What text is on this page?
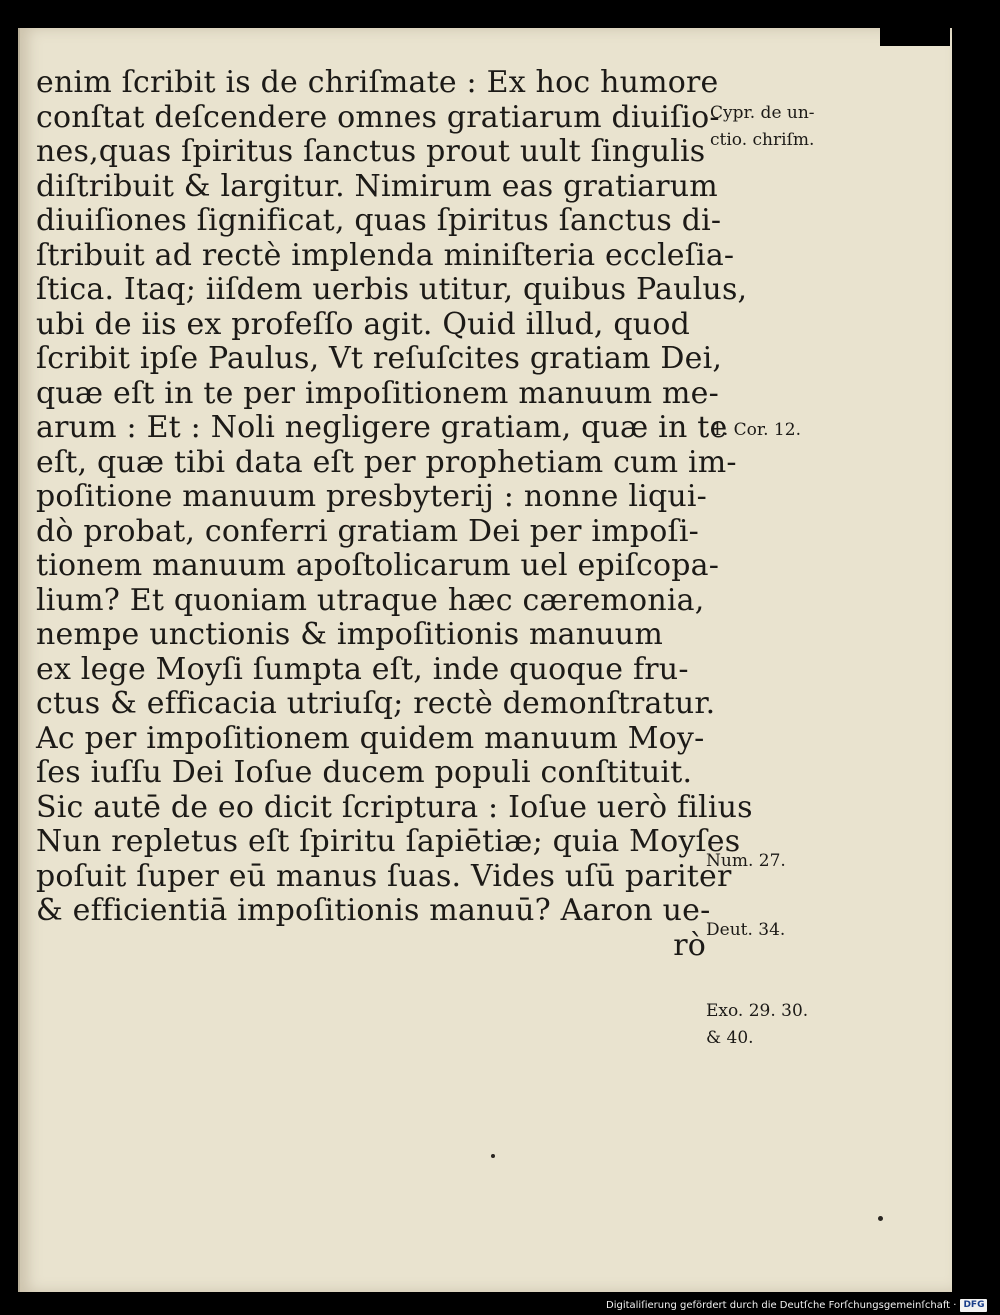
enim ſcribit is de chriſmate : Ex hoc humore
conſtat deſcendere omnes gratiarum diuiſio-
nes,quas ſpiritus ſanctus prout uult ſingulis
diſtribuit & largitur. Nimirum eas gratiarum
diuiſiones ſignificat, quas ſpiritus ſanctus di-
ſtribuit ad rectè implenda miniſteria eccleſia-
ſtica. Itaq; iiſdem uerbis utitur, quibus Paulus,
ubi de iis ex profeſſo agit. Quid illud, quod
ſcribit ipſe Paulus, Vt reſuſcites gratiam Dei,
quæ eſt in te per impoſitionem manuum me-
arum : Et : Noli negligere gratiam, quæ in te
eſt, quæ tibi data eſt per prophetiam cum im-
poſitione manuum presbyterij : nonne liqui-
dò probat, conferri gratiam Dei per impoſi-
tionem manuum apoſtolicarum uel epiſcopa-
lium? Et quoniam utraque hæc cæremonia,
nempe unctionis & impoſitionis manuum
ex lege Moyſi ſumpta eſt, inde quoque fru-
ctus & efficacia utriuſq; rectè demonſtratur.
Ac per impoſitionem quidem manuum Moy-
ſes iuſſu Dei Ioſue ducem populi conſtituit.
Sic autē de eo dicit ſcriptura : Ioſue uerò filius
Nun repletus eſt ſpiritu ſapiētiæ; quia Moyſes
poſuit ſuper eū manus ſuas. Vides uſū pariter
& efficientiā impoſitionis manuū? Aaron ue-
rò
Cypr. de un-
ctio. chriſm.
1. Cor. 12.
Num. 27.
Deut. 34.
Exo. 29. 30.
& 40.
Digitaliſierung gefördert durch die Deutſche Forſchungsgemeinſchaft · DFG
